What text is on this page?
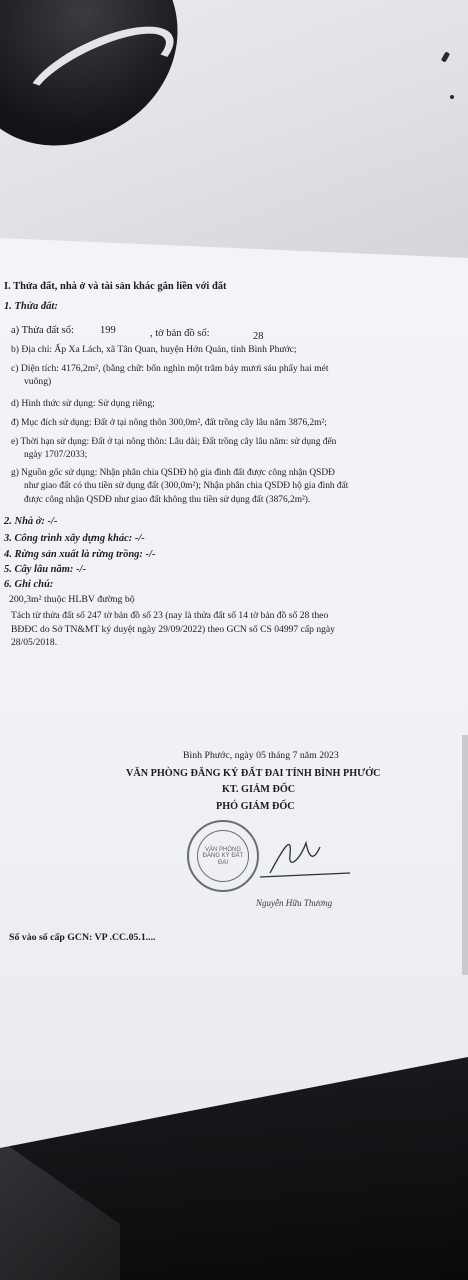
I. Thửa đất, nhà ở và tài sản khác gắn liền với đất
1. Thửa đất:
a) Thửa đất số: 199	, tờ bản đồ số:	28
b) Địa chỉ: Ấp Xa Lách, xã Tân Quan, huyện Hớn Quản, tỉnh Bình Phước;
c) Diện tích: 4176,2m², (bằng chữ: bốn nghìn một trăm bảy mươi sáu phẩy hai mét
vuông)
d) Hình thức sử dụng: Sử dụng riêng;
đ) Mục đích sử dụng: Đất ở tại nông thôn 300,0m², đất trồng cây lâu năm 3876,2m²;
e) Thời hạn sử dụng: Đất ở tại nông thôn: Lâu dài; Đất trồng cây lâu năm: sử dụng đến
ngày 1707/2033;
g) Nguồn gốc sử dụng: Nhận phân chia QSDĐ hộ gia đình đất được công nhận QSDĐ
như giao đất có thu tiền sử dụng đất (300,0m²); Nhận phân chia QSDĐ hộ gia đình đất
được công nhận QSDĐ như giao đất không thu tiền sử dụng đất (3876,2m²).
2. Nhà ở: -/-
3. Công trình xây dựng khác: -/-
4. Rừng sản xuất là rừng trồng: -/-
5. Cây lâu năm: -/-
6. Ghi chú:
200,3m² thuộc HLBV đường bộ
Tách từ thửa đất số 247 tờ bản đồ số 23 (nay là thửa đất số 14 tờ bản đồ số 28 theo
BĐĐC do Sở TN&MT ký duyệt ngày 29/09/2022) theo GCN số CS 04997 cấp ngày
28/05/2018.
Bình Phước, ngày 05 tháng 7 năm 2023
VĂN PHÒNG ĐĂNG KÝ ĐẤT ĐAI TỈNH BÌNH PHƯỚC
KT. GIÁM ĐỐC
PHÓ GIÁM ĐỐC
Số vào sổ cấp GCN: VP .CC.05.1....
VĂN PHÒNG ĐĂNG KÝ ĐẤT ĐAI
Nguyễn Hữu Thương
